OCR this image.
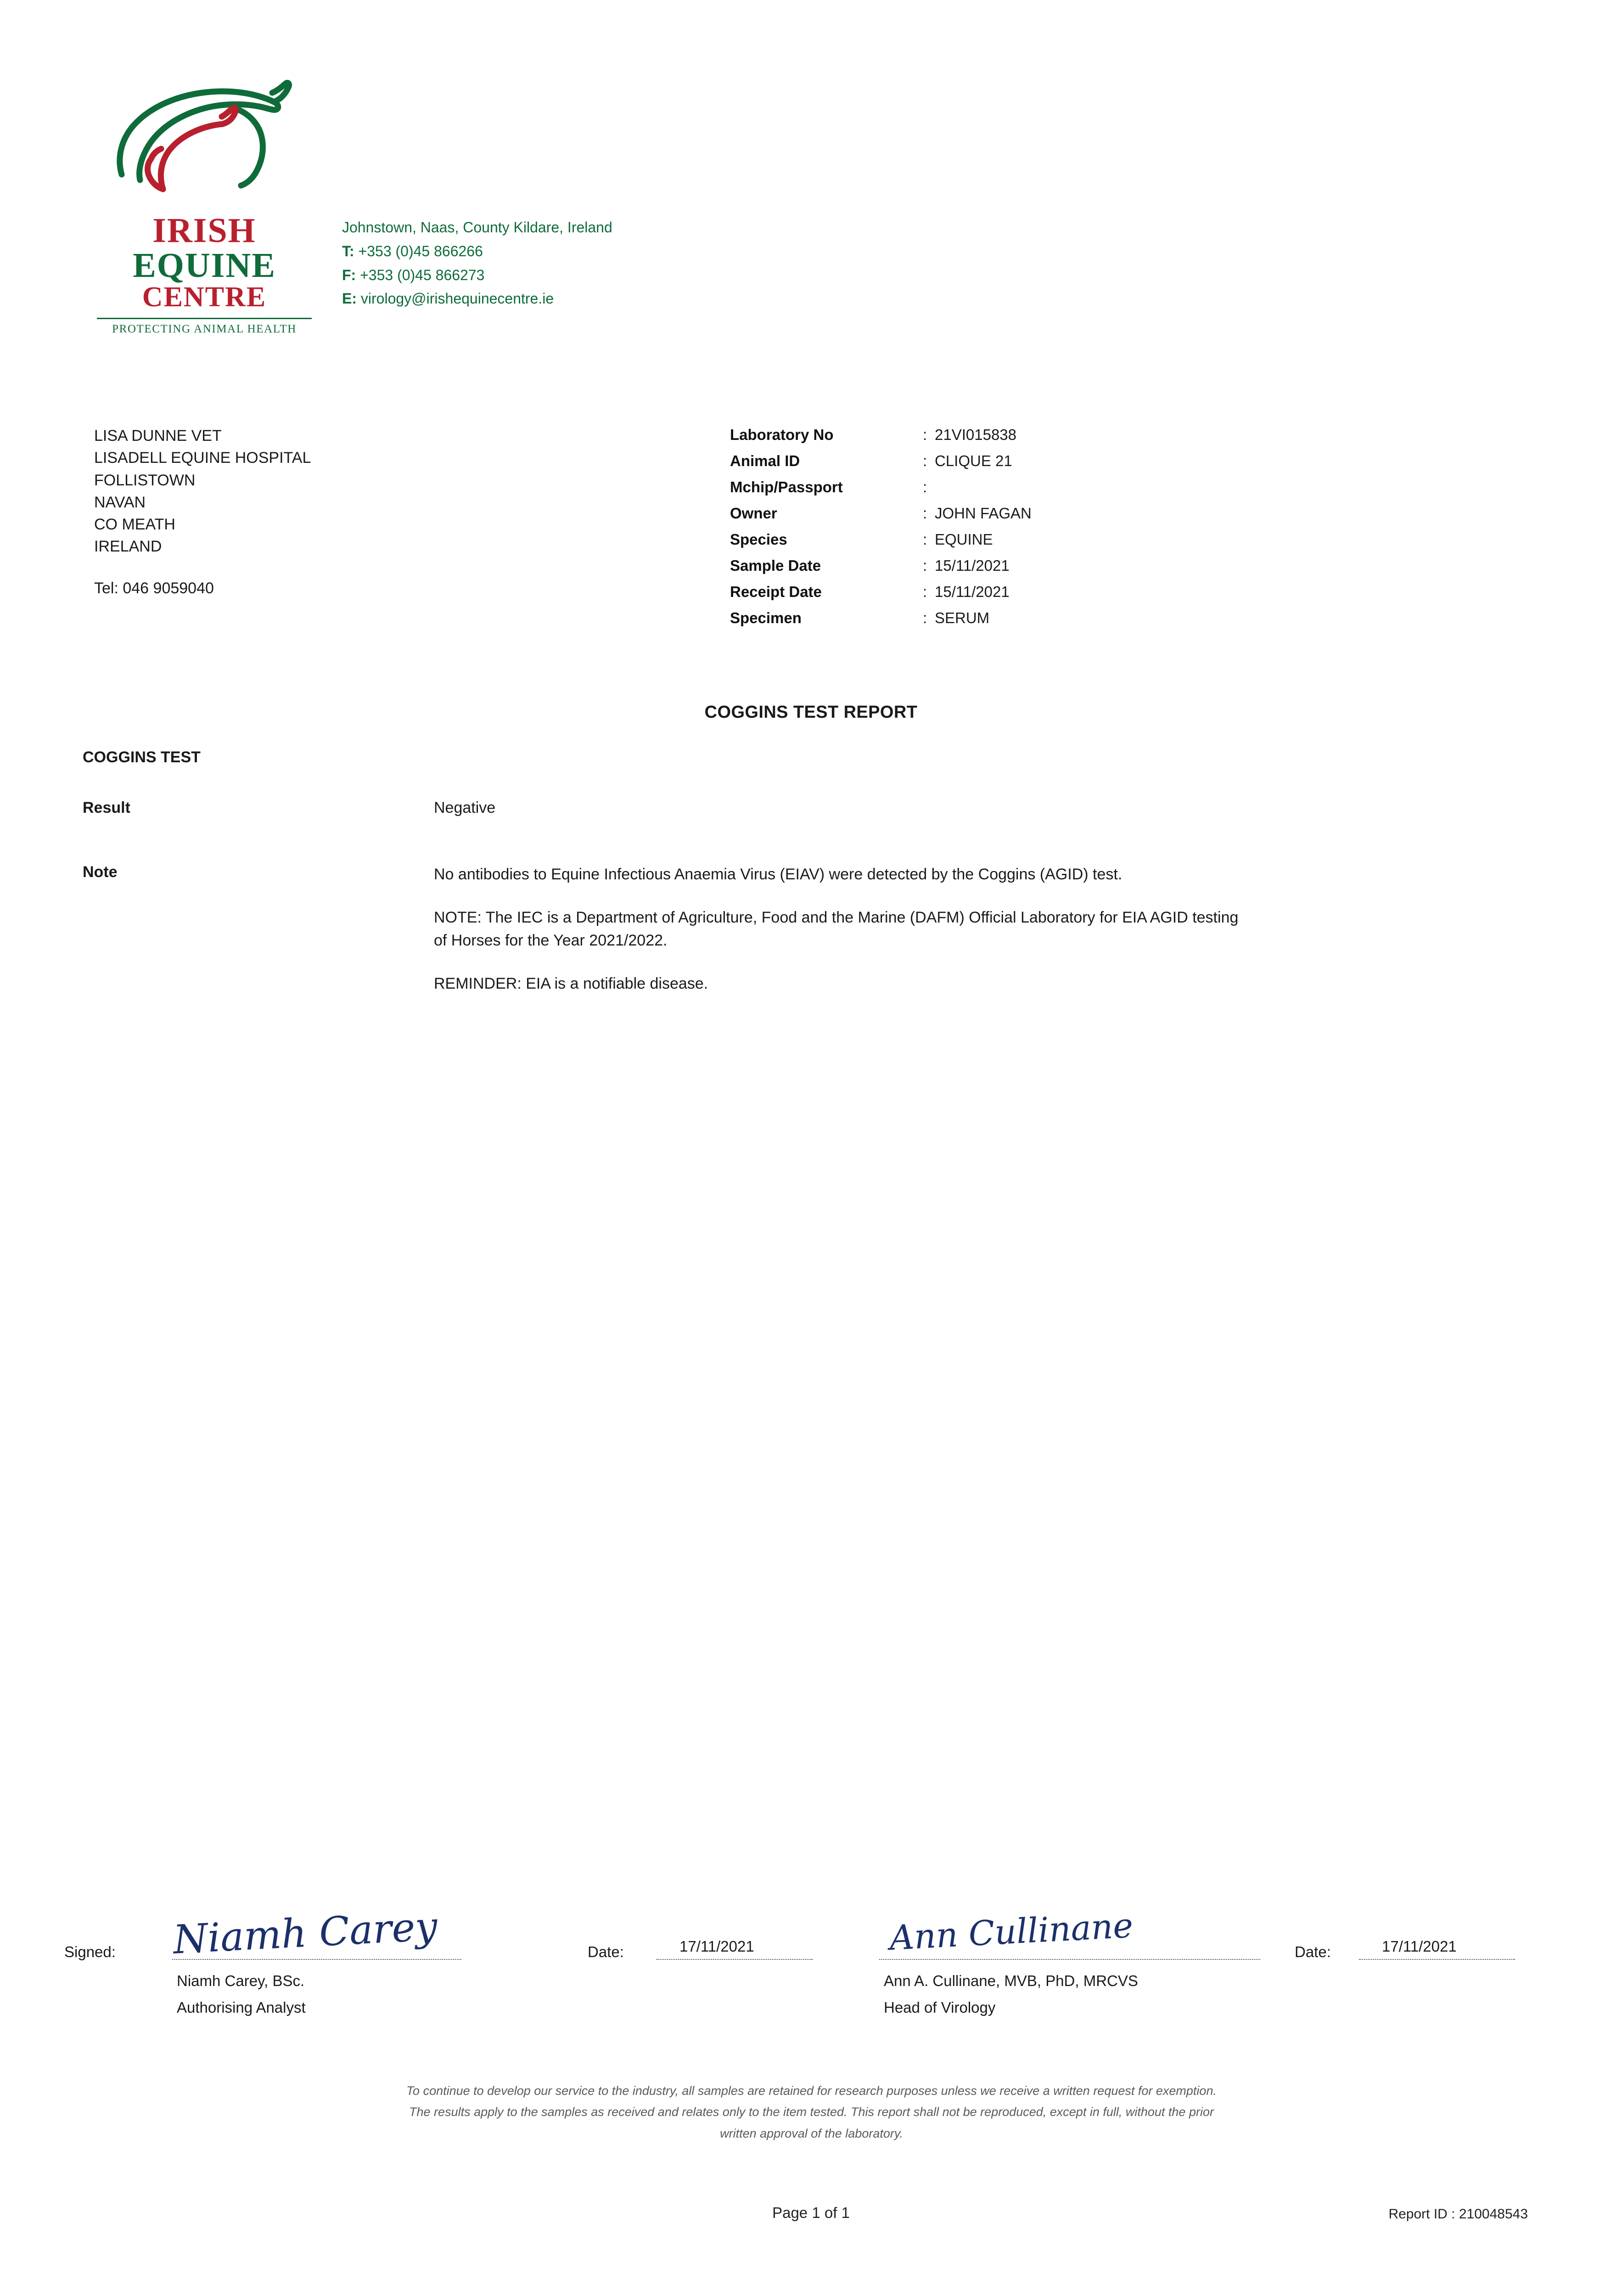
IRISH
EQUINE
CENTRE
PROTECTING ANIMAL HEALTH
Johnstown, Naas, County Kildare, Ireland
T: +353 (0)45 866266
F: +353 (0)45 866273
E: virology@irishequinecentre.ie
LISA DUNNE VET
LISADELL EQUINE HOSPITAL
FOLLISTOWN
NAVAN
CO MEATH
IRELAND
Tel: 046 9059040
Laboratory No	: 21VI015838
Animal ID	: CLIQUE 21
Mchip/Passport	:
Owner	: JOHN FAGAN
Species	: EQUINE
Sample Date	: 15/11/2021
Receipt Date	: 15/11/2021
Specimen	: SERUM
COGGINS TEST REPORT
COGGINS TEST
Result	Negative
Note	No antibodies to Equine Infectious Anaemia Virus (EIAV) were detected by the Coggins (AGID) test.

NOTE: The IEC is a Department of Agriculture, Food and the Marine (DAFM) Official Laboratory for EIA AGID testing of Horses for the Year 2021/2022.

REMINDER: EIA is a notifiable disease.

Signed: Niamh Carey
Niamh Carey, BSc.
Authorising Analyst
Date:	17/11/2021	Ann Cullinane
Ann A. Cullinane, MVB, PhD, MRCVS
Head of Virology
Date:	17/11/2021
To continue to develop our service to the industry, all samples are retained for research purposes unless we receive a written request for exemption.
The results apply to the samples as received and relates only to the item tested. This report shall not be reproduced, except in full, without the prior
written approval of the laboratory.
Page 1 of 1	Report ID : 210048543
